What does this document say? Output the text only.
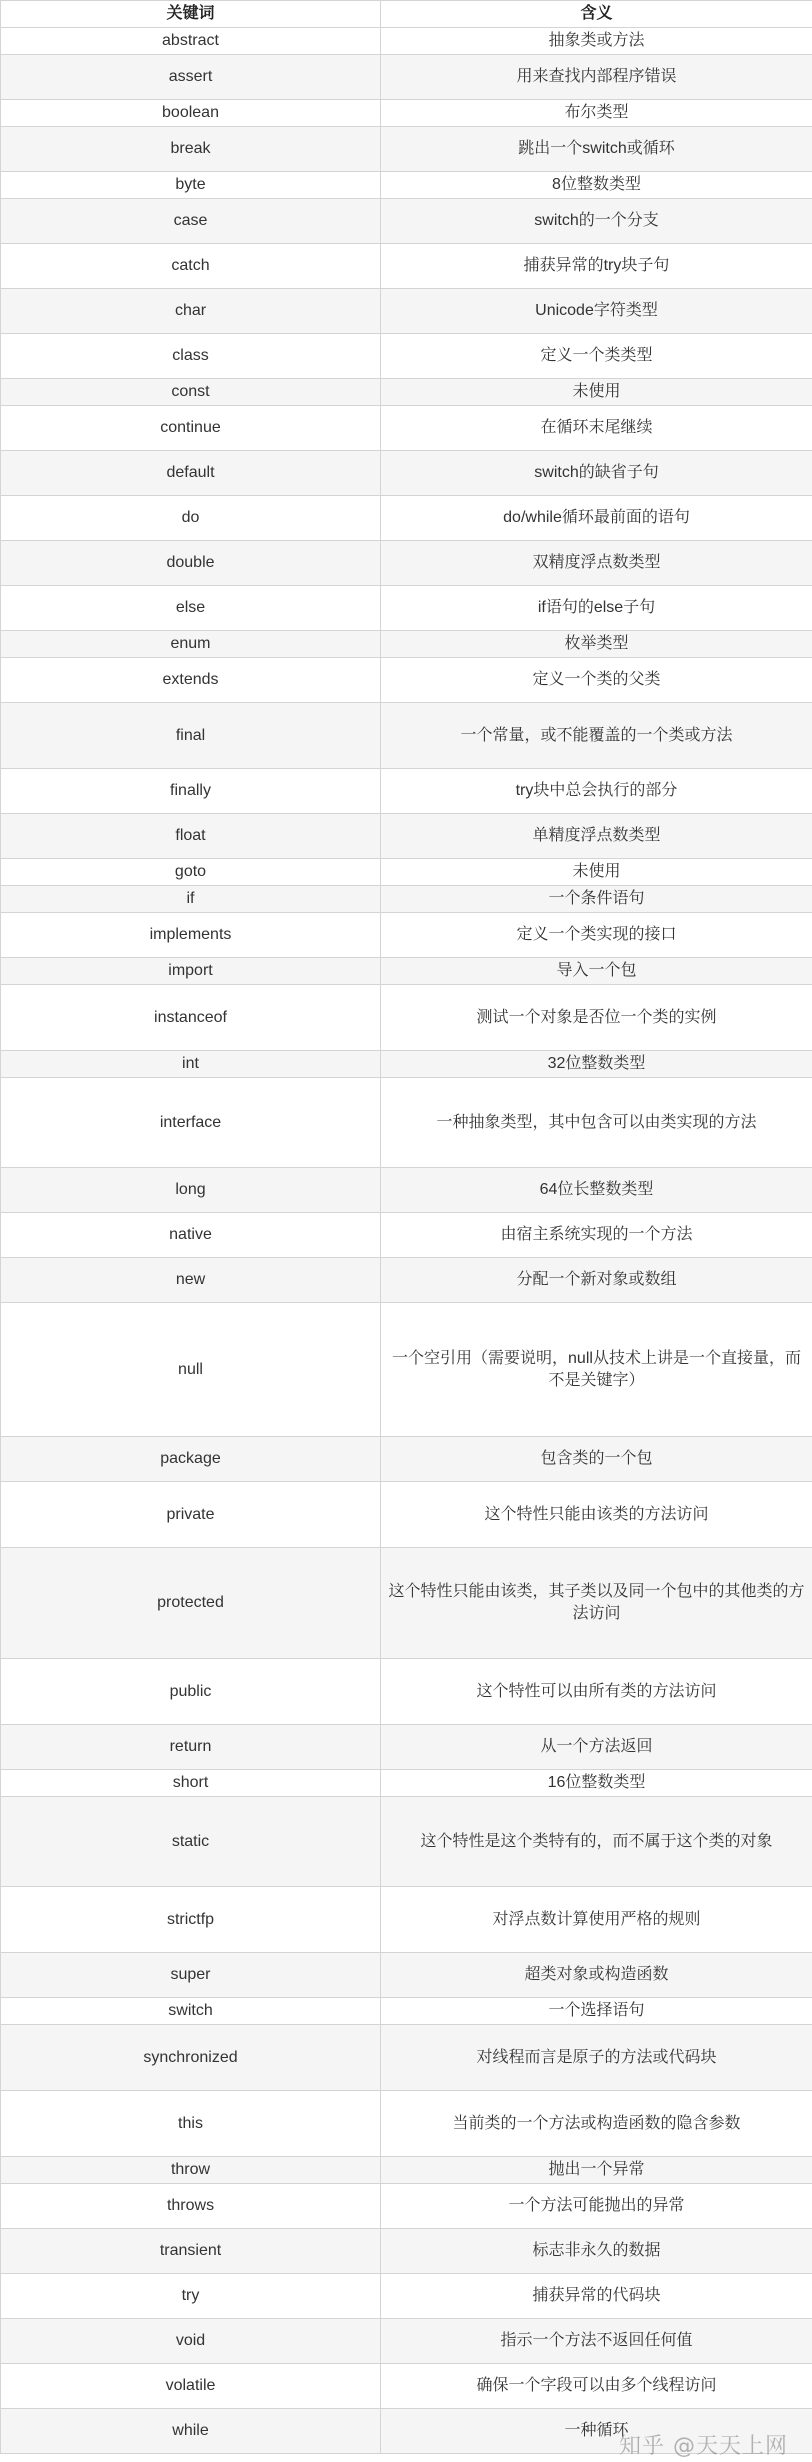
关键词	含义
abstract	抽象类或方法
assert	用来查找内部程序错误
boolean	布尔类型
break	跳出一个switch或循环
byte	8位整数类型
case	switch的一个分支
catch	捕获异常的try块子句
char	Unicode字符类型
class	定义一个类类型
const	未使用
continue	在循环末尾继续
default	switch的缺省子句
do	do/while循环最前面的语句
double	双精度浮点数类型
else	if语句的else子句
enum	枚举类型
extends	定义一个类的父类
final	一个常量，或不能覆盖的一个类或方法
finally	try块中总会执行的部分
float	单精度浮点数类型
goto	未使用
if	一个条件语句
implements	定义一个类实现的接口
import	导入一个包
instanceof	测试一个对象是否位一个类的实例
int	32位整数类型
interface	一种抽象类型，其中包含可以由类实现的方法
long	64位长整数类型
native	由宿主系统实现的一个方法
new	分配一个新对象或数组
null	一个空引用（需要说明，null从技术上讲是一个直接量，而不是关键字）
package	包含类的一个包
private	这个特性只能由该类的方法访问
protected	这个特性只能由该类，其子类以及同一个包中的其他类的方法访问
public	这个特性可以由所有类的方法访问
return	从一个方法返回
short	16位整数类型
static	这个特性是这个类特有的，而不属于这个类的对象
strictfp	对浮点数计算使用严格的规则
super	超类对象或构造函数
switch	一个选择语句
synchronized	对线程而言是原子的方法或代码块
this	当前类的一个方法或构造函数的隐含参数
throw	抛出一个异常
throws	一个方法可能抛出的异常
transient	标志非永久的数据
try	捕获异常的代码块
void	指示一个方法不返回任何值
volatile	确保一个字段可以由多个线程访问
while	一种循环
知乎 @天天上网
